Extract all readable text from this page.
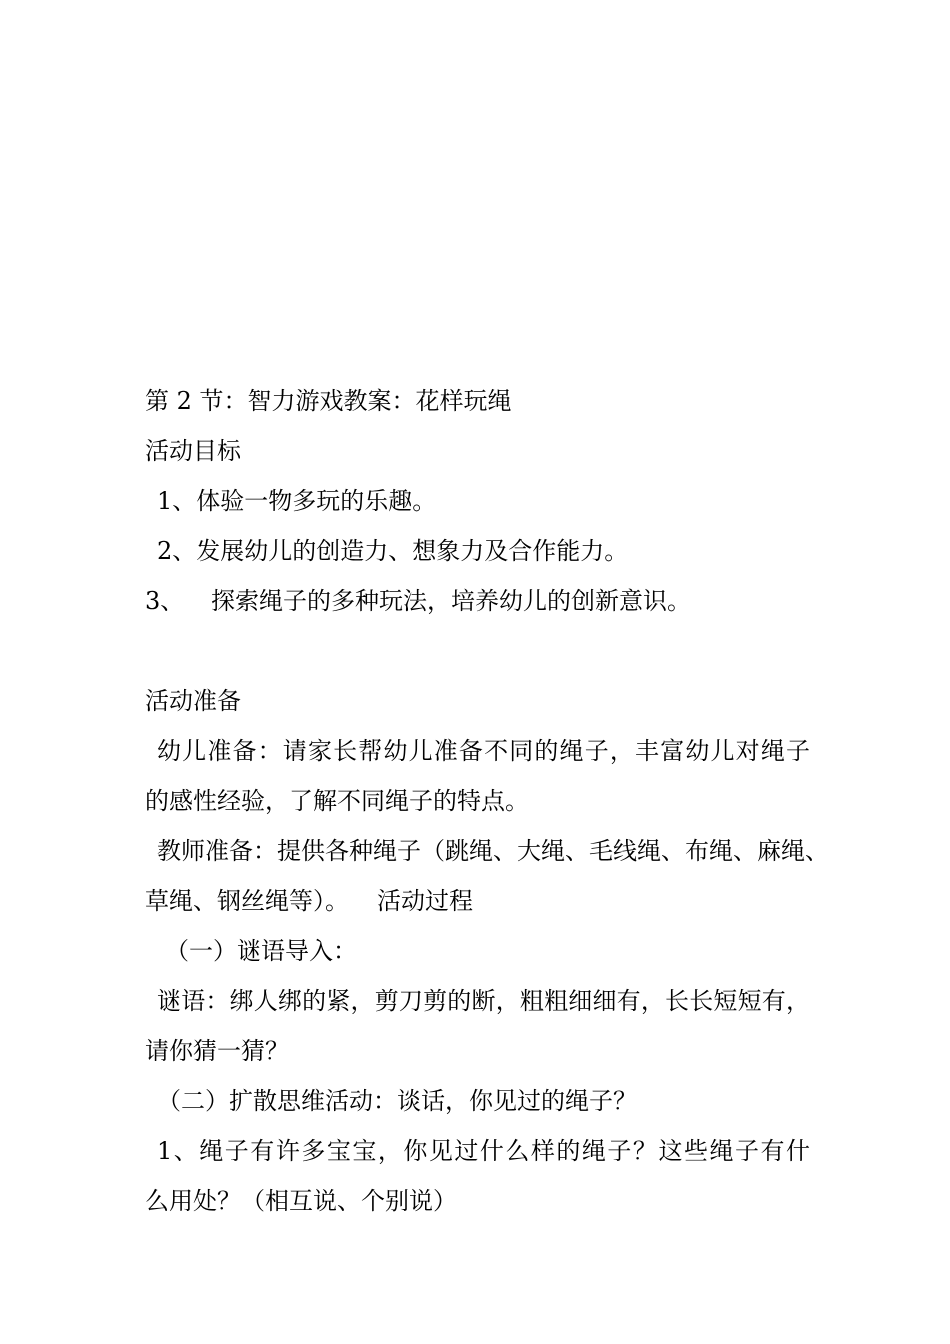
第 2 节：智力游戏教案：花样玩绳
活动目标
1、体验一物多玩的乐趣。
2、发展幼儿的创造力、想象力及合作能力。
3、 探索绳子的多种玩法，培养幼儿的创新意识。
活动准备
幼儿准备：请家长帮幼儿准备不同的绳子，丰富幼儿对绳子
的感性经验，了解不同绳子的特点。
教师准备：提供各种绳子（跳绳、大绳、毛线绳、布绳、麻绳、
草绳、钢丝绳等）。 活动过程
（一）谜语导入：
谜语：绑人绑的紧，剪刀剪的断，粗粗细细有，长长短短有，
请你猜一猜？
（二）扩散思维活动：谈话，你见过的绳子？
1、绳子有许多宝宝，你见过什么样的绳子？这些绳子有什
么用处？（相互说、个别说）
